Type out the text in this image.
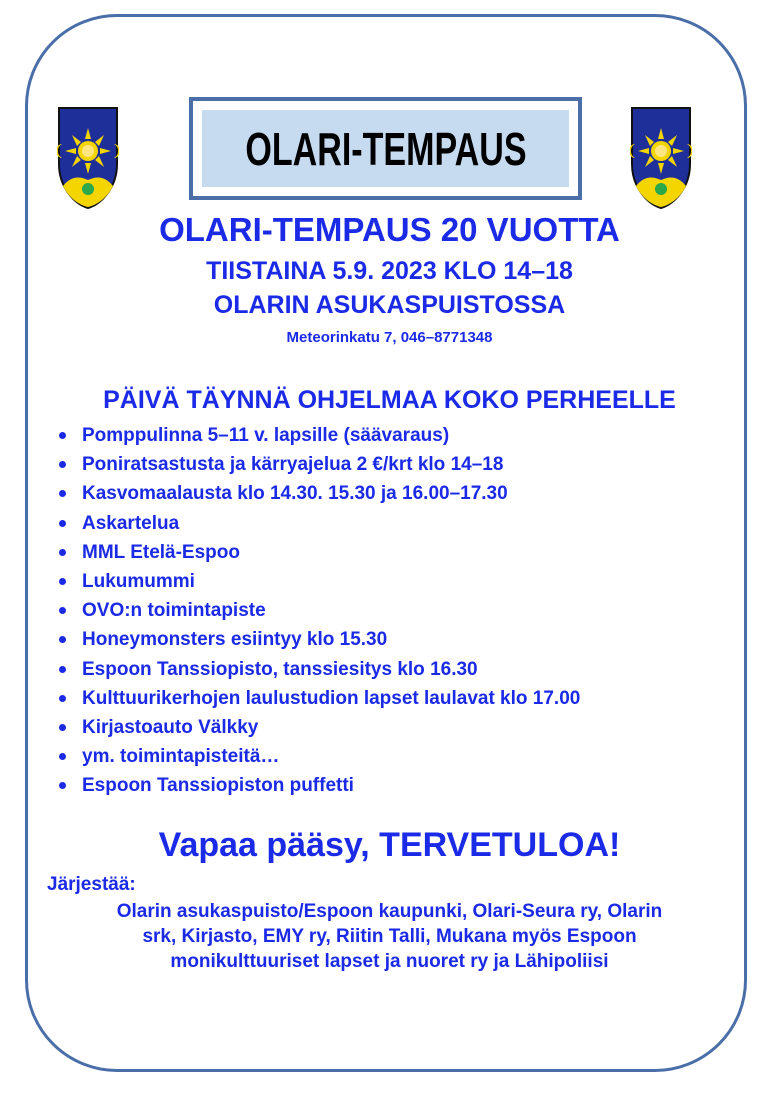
OLARI-TEMPAUS
OLARI-TEMPAUS 20 VUOTTA
TIISTAINA 5.9. 2023 KLO 14–18
OLARIN ASUKASPUISTOSSA
Meteorinkatu 7, 046–8771348
PÄIVÄ TÄYNNÄ OHJELMAA KOKO PERHEELLE
Pomppulinna 5–11 v. lapsille (säävaraus)
Poniratsastusta ja kärryajelua 2 €/krt klo 14–18
Kasvomaalausta klo 14.30. 15.30 ja 16.00–17.30
Askartelua
MML Etelä-Espoo
Lukumummi
OVO:n toimintapiste
Honeymonsters esiintyy klo 15.30
Espoon Tanssiopisto, tanssiesitys klo 16.30
Kulttuurikerhojen laulustudion lapset laulavat klo 17.00
Kirjastoauto Välkky
ym. toimintapisteitä…
Espoon Tanssiopiston puffetti
Vapaa pääsy, TERVETULOA!
Järjestää:
Olarin asukaspuisto/Espoon kaupunki, Olari-Seura ry, Olarin
srk, Kirjasto, EMY ry, Riitin Talli, Mukana myös Espoon
monikulttuuriset lapset ja nuoret ry ja Lähipoliisi
